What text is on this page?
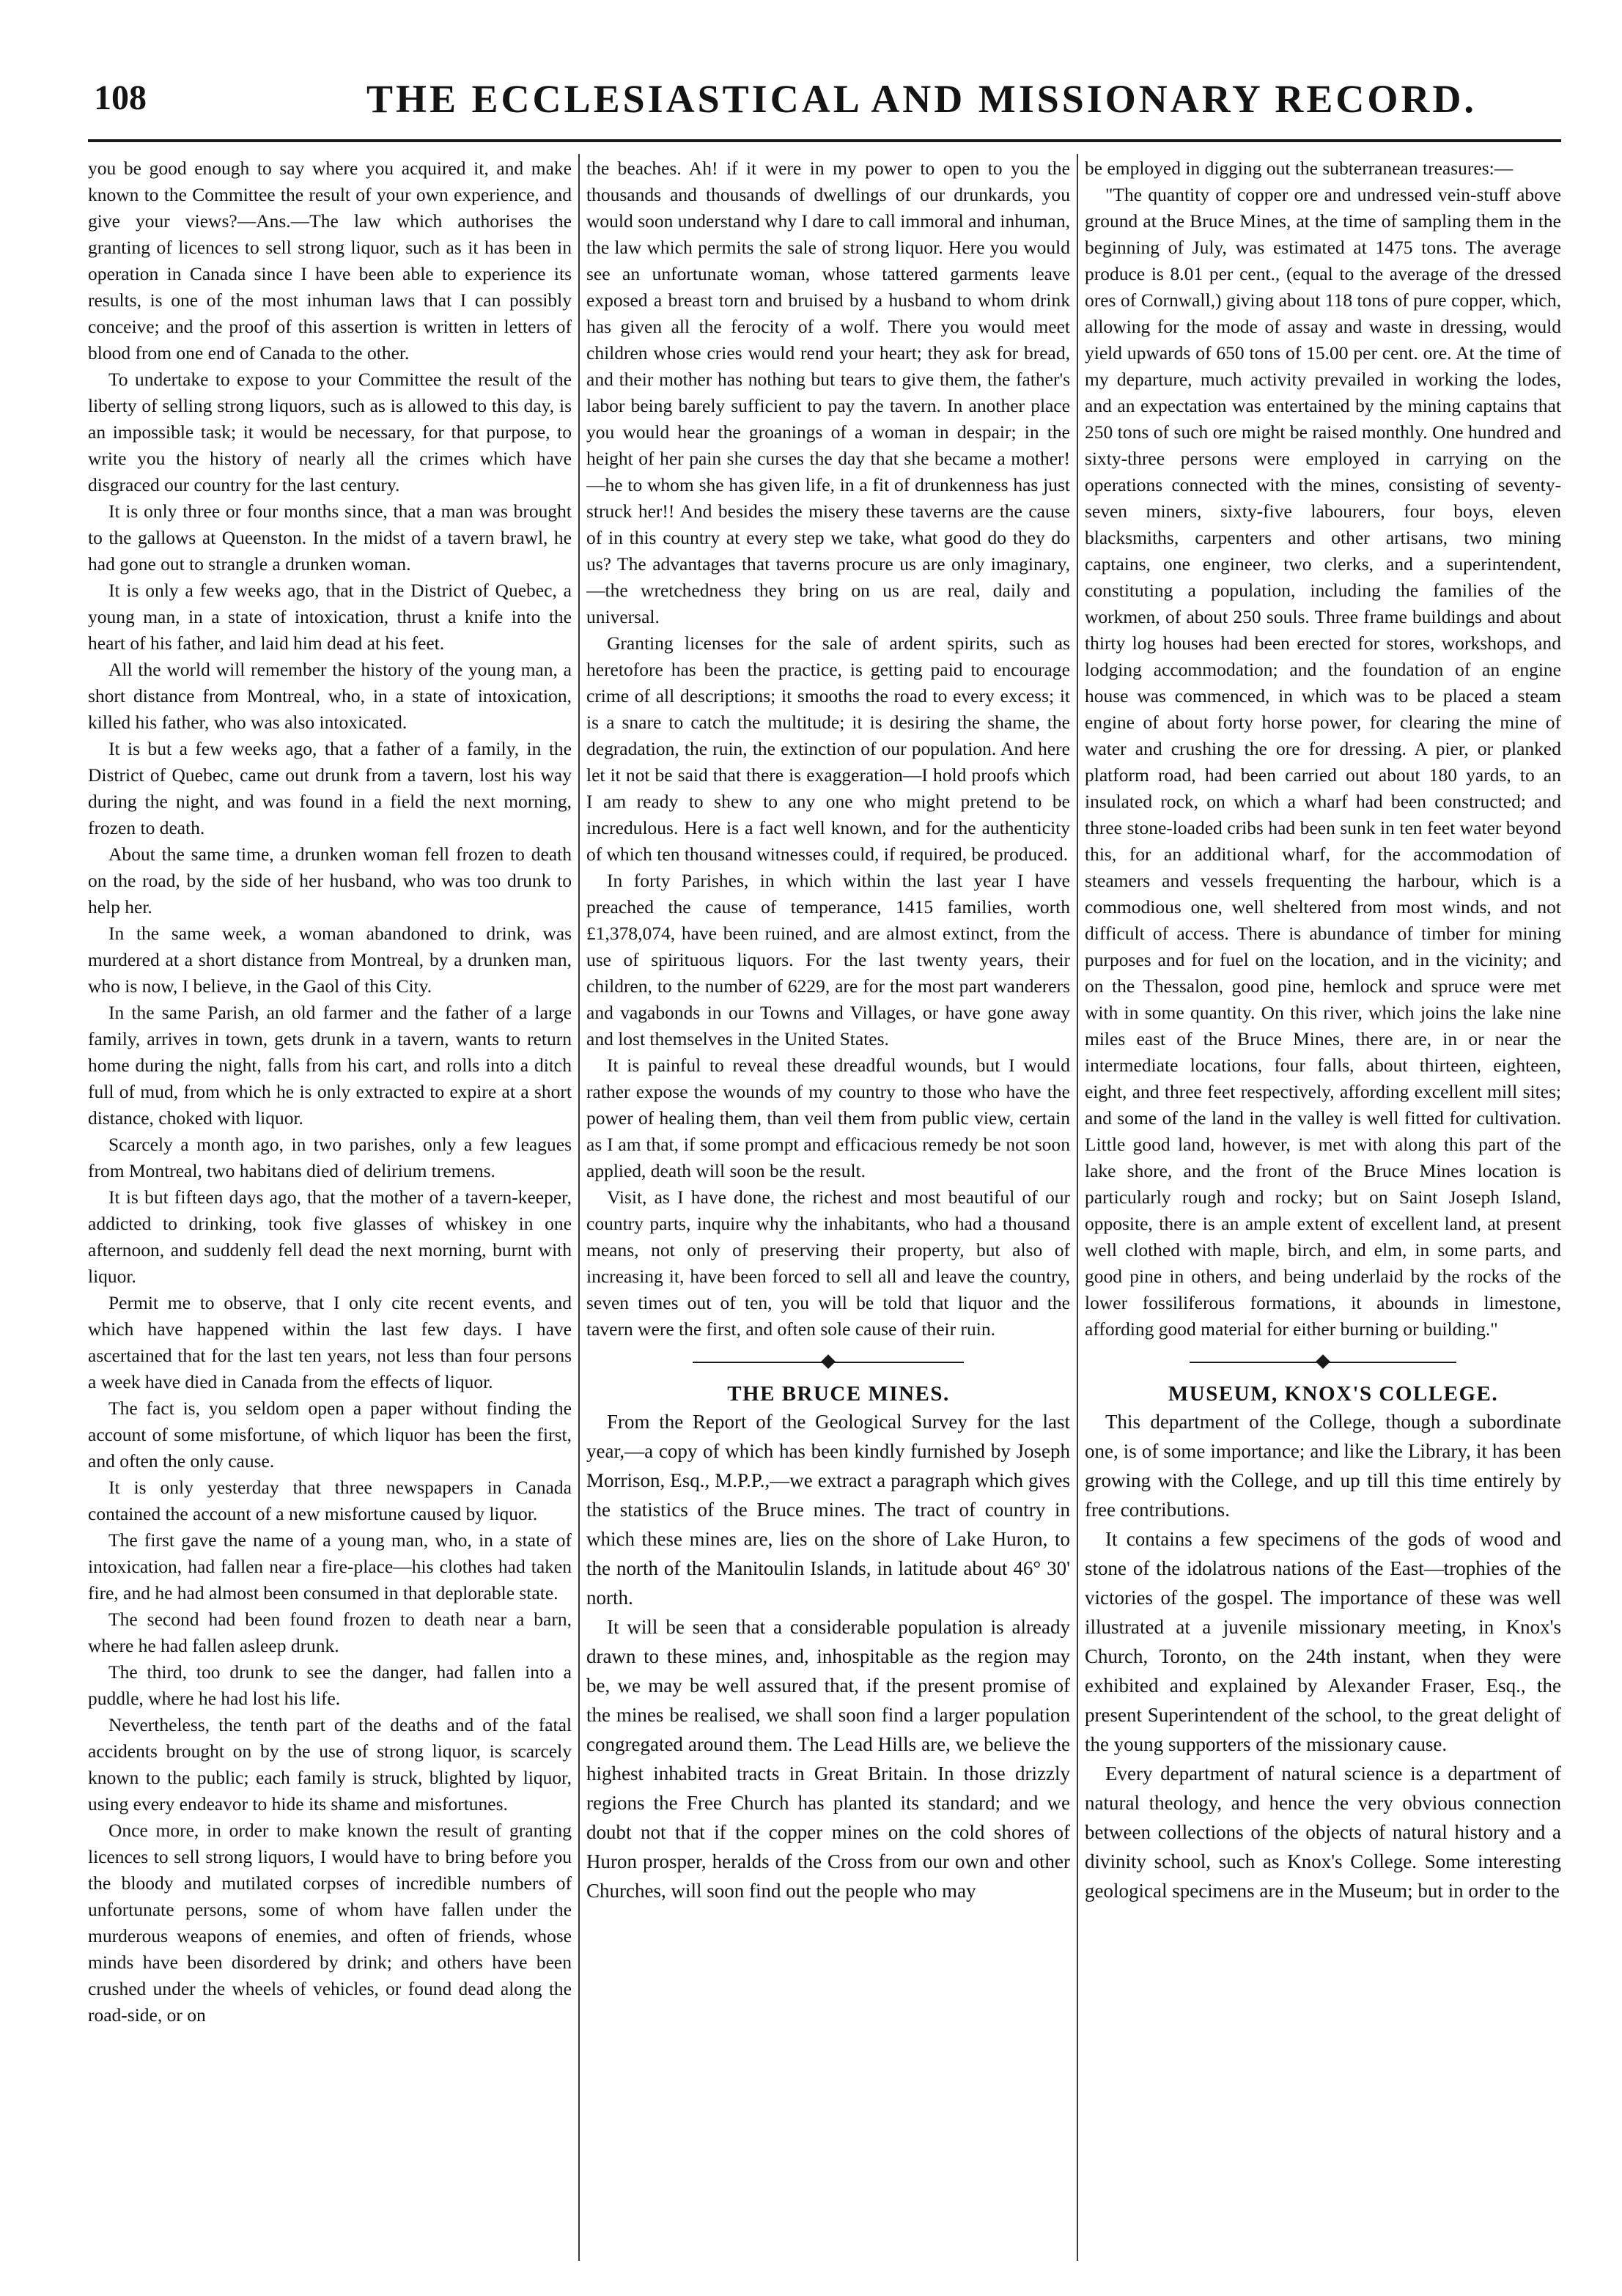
108	THE ECCLESIASTICAL AND MISSIONARY RECORD.

you be good enough to say where you acquired it, and make known to the Committee the result of your own experience, and give your views?—Ans.—The law which authorises the granting of licences to sell strong liquor, such as it has been in operation in Canada since I have been able to experience its results, is one of the most inhuman laws that I can possibly conceive; and the proof of this assertion is written in letters of blood from one end of Canada to the other.

To undertake to expose to your Committee the result of the liberty of selling strong liquors, such as is allowed to this day, is an impossible task; it would be necessary, for that purpose, to write you the history of nearly all the crimes which have disgraced our country for the last century.

It is only three or four months since, that a man was brought to the gallows at Queenston. In the midst of a tavern brawl, he had gone out to strangle a drunken woman.

It is only a few weeks ago, that in the District of Quebec, a young man, in a state of intoxication, thrust a knife into the heart of his father, and laid him dead at his feet.

All the world will remember the history of the young man, a short distance from Montreal, who, in a state of intoxication, killed his father, who was also intoxicated.

It is but a few weeks ago, that a father of a family, in the District of Quebec, came out drunk from a tavern, lost his way during the night, and was found in a field the next morning, frozen to death.

About the same time, a drunken woman fell frozen to death on the road, by the side of her husband, who was too drunk to help her.

In the same week, a woman abandoned to drink, was murdered at a short distance from Montreal, by a drunken man, who is now, I believe, in the Gaol of this City.

In the same Parish, an old farmer and the father of a large family, arrives in town, gets drunk in a tavern, wants to return home during the night, falls from his cart, and rolls into a ditch full of mud, from which he is only extracted to expire at a short distance, choked with liquor.

Scarcely a month ago, in two parishes, only a few leagues from Montreal, two habitans died of delirium tremens.

It is but fifteen days ago, that the mother of a tavern-keeper, addicted to drinking, took five glasses of whiskey in one afternoon, and suddenly fell dead the next morning, burnt with liquor.

Permit me to observe, that I only cite recent events, and which have happened within the last few days. I have ascertained that for the last ten years, not less than four persons a week have died in Canada from the effects of liquor.

The fact is, you seldom open a paper without finding the account of some misfortune, of which liquor has been the first, and often the only cause.

It is only yesterday that three newspapers in Canada contained the account of a new misfortune caused by liquor.

The first gave the name of a young man, who, in a state of intoxication, had fallen near a fire-place—his clothes had taken fire, and he had almost been consumed in that deplorable state.

The second had been found frozen to death near a barn, where he had fallen asleep drunk.

The third, too drunk to see the danger, had fallen into a puddle, where he had lost his life.

Nevertheless, the tenth part of the deaths and of the fatal accidents brought on by the use of strong liquor, is scarcely known to the public; each family is struck, blighted by liquor, using every endeavor to hide its shame and misfortunes.

Once more, in order to make known the result of granting licences to sell strong liquors, I would have to bring before you the bloody and mutilated corpses of incredible numbers of unfortunate persons, some of whom have fallen under the murderous weapons of enemies, and often of friends, whose minds have been disordered by drink; and others have been crushed under the wheels of vehicles, or found dead along the road-side, or on

the beaches. Ah! if it were in my power to open to you the thousands and thousands of dwellings of our drunkards, you would soon understand why I dare to call immoral and inhuman, the law which permits the sale of strong liquor. Here you would see an unfortunate woman, whose tattered garments leave exposed a breast torn and bruised by a husband to whom drink has given all the ferocity of a wolf. There you would meet children whose cries would rend your heart; they ask for bread, and their mother has nothing but tears to give them, the father's labor being barely sufficient to pay the tavern. In another place you would hear the groanings of a woman in despair; in the height of her pain she curses the day that she became a mother!—he to whom she has given life, in a fit of drunkenness has just struck her!! And besides the misery these taverns are the cause of in this country at every step we take, what good do they do us? The advantages that taverns procure us are only imaginary,—the wretchedness they bring on us are real, daily and universal.

Granting licenses for the sale of ardent spirits, such as heretofore has been the practice, is getting paid to encourage crime of all descriptions; it smooths the road to every excess; it is a snare to catch the multitude; it is desiring the shame, the degradation, the ruin, the extinction of our population. And here let it not be said that there is exaggeration—I hold proofs which I am ready to shew to any one who might pretend to be incredulous. Here is a fact well known, and for the authenticity of which ten thousand witnesses could, if required, be produced.

In forty Parishes, in which within the last year I have preached the cause of temperance, 1415 families, worth £1,378,074, have been ruined, and are almost extinct, from the use of spirituous liquors. For the last twenty years, their children, to the number of 6229, are for the most part wanderers and vagabonds in our Towns and Villages, or have gone away and lost themselves in the United States.

It is painful to reveal these dreadful wounds, but I would rather expose the wounds of my country to those who have the power of healing them, than veil them from public view, certain as I am that, if some prompt and efficacious remedy be not soon applied, death will soon be the result.

Visit, as I have done, the richest and most beautiful of our country parts, inquire why the inhabitants, who had a thousand means, not only of preserving their property, but also of increasing it, have been forced to sell all and leave the country, seven times out of ten, you will be told that liquor and the tavern were the first, and often sole cause of their ruin.

THE BRUCE MINES.

From the Report of the Geological Survey for the last year,—a copy of which has been kindly furnished by Joseph Morrison, Esq., M.P.P.,—we extract a paragraph which gives the statistics of the Bruce mines. The tract of country in which these mines are, lies on the shore of Lake Huron, to the north of the Manitoulin Islands, in latitude about 46° 30' north.

It will be seen that a considerable population is already drawn to these mines, and, inhospitable as the region may be, we may be well assured that, if the present promise of the mines be realised, we shall soon find a larger population congregated around them. The Lead Hills are, we believe the highest inhabited tracts in Great Britain. In those drizzly regions the Free Church has planted its standard; and we doubt not that if the copper mines on the cold shores of Huron prosper, heralds of the Cross from our own and other Churches, will soon find out the people who may

be employed in digging out the subterranean treasures:—

"The quantity of copper ore and undressed vein-stuff above ground at the Bruce Mines, at the time of sampling them in the beginning of July, was estimated at 1475 tons. The average produce is 8.01 per cent., (equal to the average of the dressed ores of Cornwall,) giving about 118 tons of pure copper, which, allowing for the mode of assay and waste in dressing, would yield upwards of 650 tons of 15.00 per cent. ore. At the time of my departure, much activity prevailed in working the lodes, and an expectation was entertained by the mining captains that 250 tons of such ore might be raised monthly. One hundred and sixty-three persons were employed in carrying on the operations connected with the mines, consisting of seventy-seven miners, sixty-five labourers, four boys, eleven blacksmiths, carpenters and other artisans, two mining captains, one engineer, two clerks, and a superintendent, constituting a population, including the families of the workmen, of about 250 souls. Three frame buildings and about thirty log houses had been erected for stores, workshops, and lodging accommodation; and the foundation of an engine house was commenced, in which was to be placed a steam engine of about forty horse power, for clearing the mine of water and crushing the ore for dressing. A pier, or planked platform road, had been carried out about 180 yards, to an insulated rock, on which a wharf had been constructed; and three stone-loaded cribs had been sunk in ten feet water beyond this, for an additional wharf, for the accommodation of steamers and vessels frequenting the harbour, which is a commodious one, well sheltered from most winds, and not difficult of access. There is abundance of timber for mining purposes and for fuel on the location, and in the vicinity; and on the Thessalon, good pine, hemlock and spruce were met with in some quantity. On this river, which joins the lake nine miles east of the Bruce Mines, there are, in or near the intermediate locations, four falls, about thirteen, eighteen, eight, and three feet respectively, affording excellent mill sites; and some of the land in the valley is well fitted for cultivation. Little good land, however, is met with along this part of the lake shore, and the front of the Bruce Mines location is particularly rough and rocky; but on Saint Joseph Island, opposite, there is an ample extent of excellent land, at present well clothed with maple, birch, and elm, in some parts, and good pine in others, and being underlaid by the rocks of the lower fossiliferous formations, it abounds in limestone, affording good material for either burning or building."

MUSEUM, KNOX'S COLLEGE.

This department of the College, though a subordinate one, is of some importance; and like the Library, it has been growing with the College, and up till this time entirely by free contributions.

It contains a few specimens of the gods of wood and stone of the idolatrous nations of the East—trophies of the victories of the gospel. The importance of these was well illustrated at a juvenile missionary meeting, in Knox's Church, Toronto, on the 24th instant, when they were exhibited and explained by Alexander Fraser, Esq., the present Superintendent of the school, to the great delight of the young supporters of the missionary cause.

Every department of natural science is a department of natural theology, and hence the very obvious connection between collections of the objects of natural history and a divinity school, such as Knox's College. Some interesting geological specimens are in the Museum; but in order to the
